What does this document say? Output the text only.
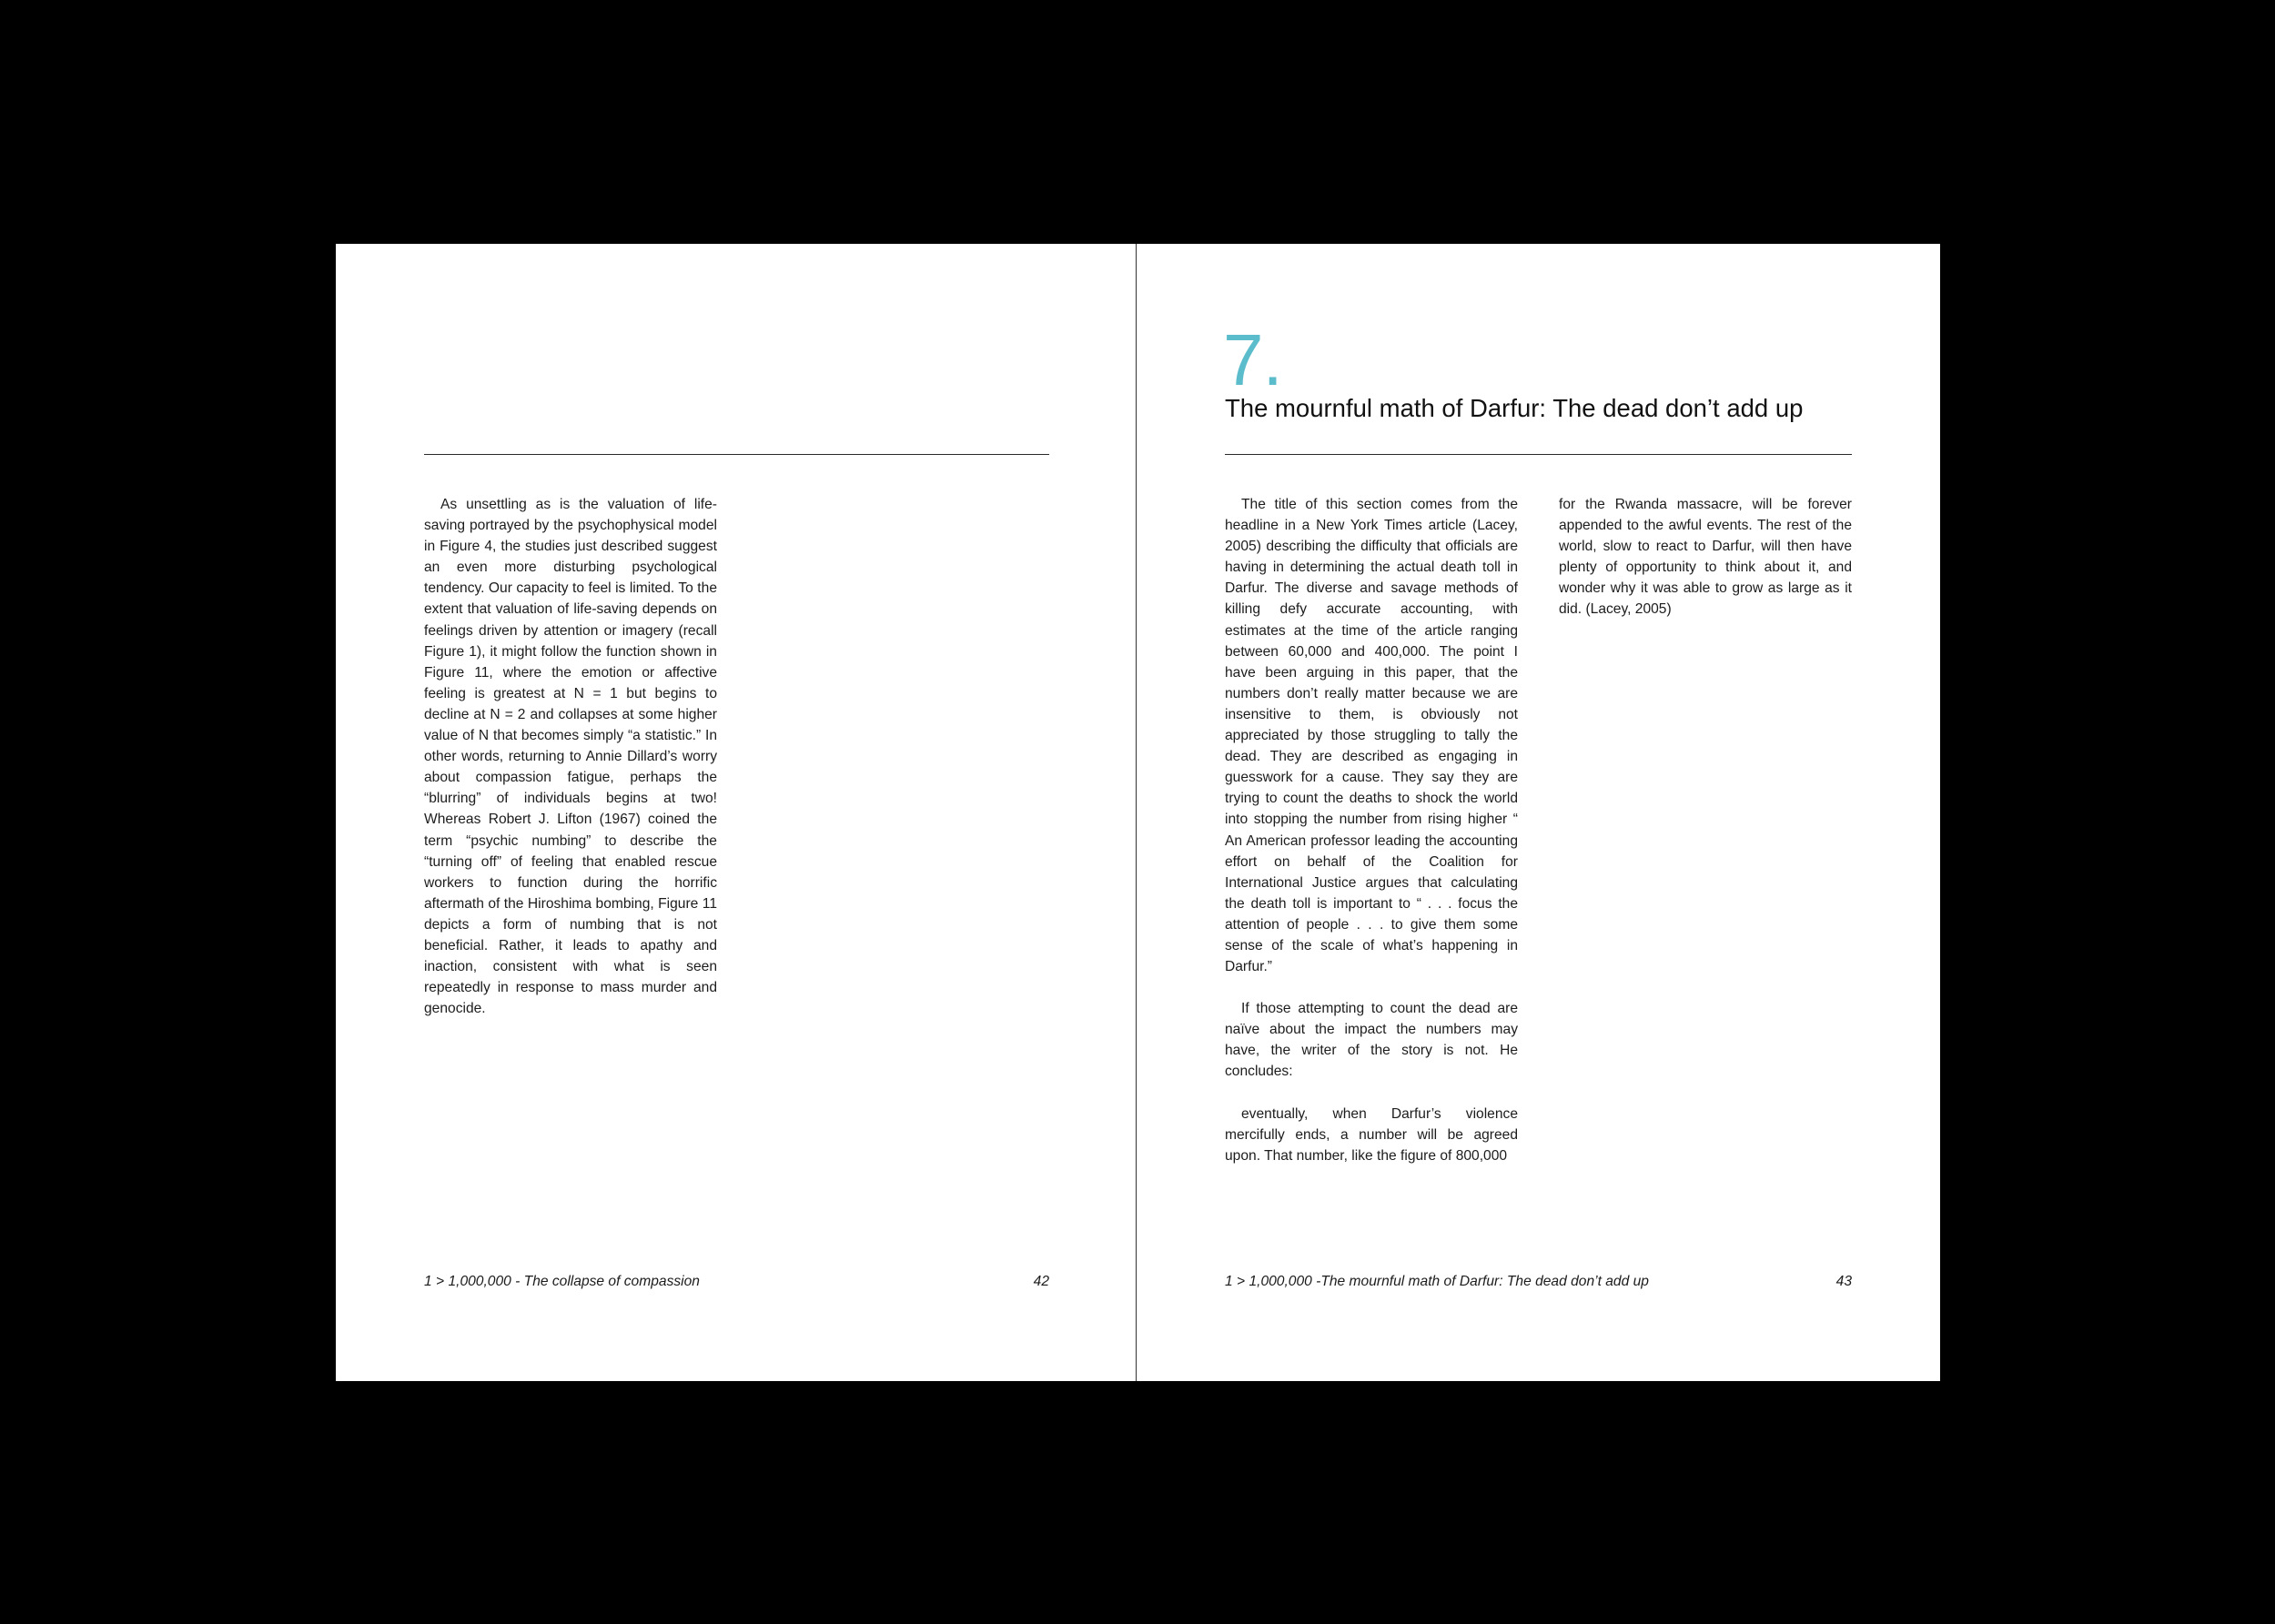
As unsettling as is the valuation of life-saving portrayed by the psychophysical model in Figure 4, the studies just described suggest an even more disturbing psychological tendency. Our capacity to feel is limited. To the extent that valuation of life-saving depends on feelings driven by attention or imagery (recall Figure 1), it might follow the function shown in Figure 11, where the emotion or affective feeling is greatest at N = 1 but begins to decline at N = 2 and collapses at some higher value of N that becomes simply “a statistic.” In other words, returning to Annie Dillard’s worry about compassion fatigue, perhaps the “blurring” of individuals begins at two! Whereas Robert J. Lifton (1967) coined the term “psychic numbing” to describe the “turning off” of feeling that enabled rescue workers to function during the horrific aftermath of the Hiroshima bombing, Figure 11 depicts a form of numbing that is not beneficial. Rather, it leads to apathy and inaction, consistent with what is seen repeatedly in response to mass murder and genocide.

1 > 1,000,000 - The collapse of compassion	42
7.
The mournful math of Darfur: The dead don’t add up

The title of this section comes from the headline in a New York Times article (Lacey, 2005) describing the difficulty that officials are having in determining the actual death toll in Darfur. The diverse and savage methods of killing defy accurate accounting, with estimates at the time of the article ranging between 60,000 and 400,000. The point I have been arguing in this paper, that the numbers don’t really matter because we are insensitive to them, is obviously not appreciated by those struggling to tally the dead. They are described as engaging in guesswork for a cause. They say they are trying to count the deaths to shock the world into stopping the number from rising higher “ An American professor leading the accounting effort on behalf of the Coalition for International Justice argues that calculating the death toll is important to “ . . . focus the attention of people . . . to give them some sense of the scale of what’s happening in Darfur.”

If those attempting to count the dead are naïve about the impact the numbers may have, the writer of the story is not. He concludes:

eventually, when Darfur’s violence mercifully ends, a number will be agreed upon. That number, like the figure of 800,000

for the Rwanda massacre, will be forever appended to the awful events. The rest of the world, slow to react to Darfur, will then have plenty of opportunity to think about it, and wonder why it was able to grow as large as it did. (Lacey, 2005)

1 > 1,000,000 -The mournful math of Darfur: The dead don’t add up	43
